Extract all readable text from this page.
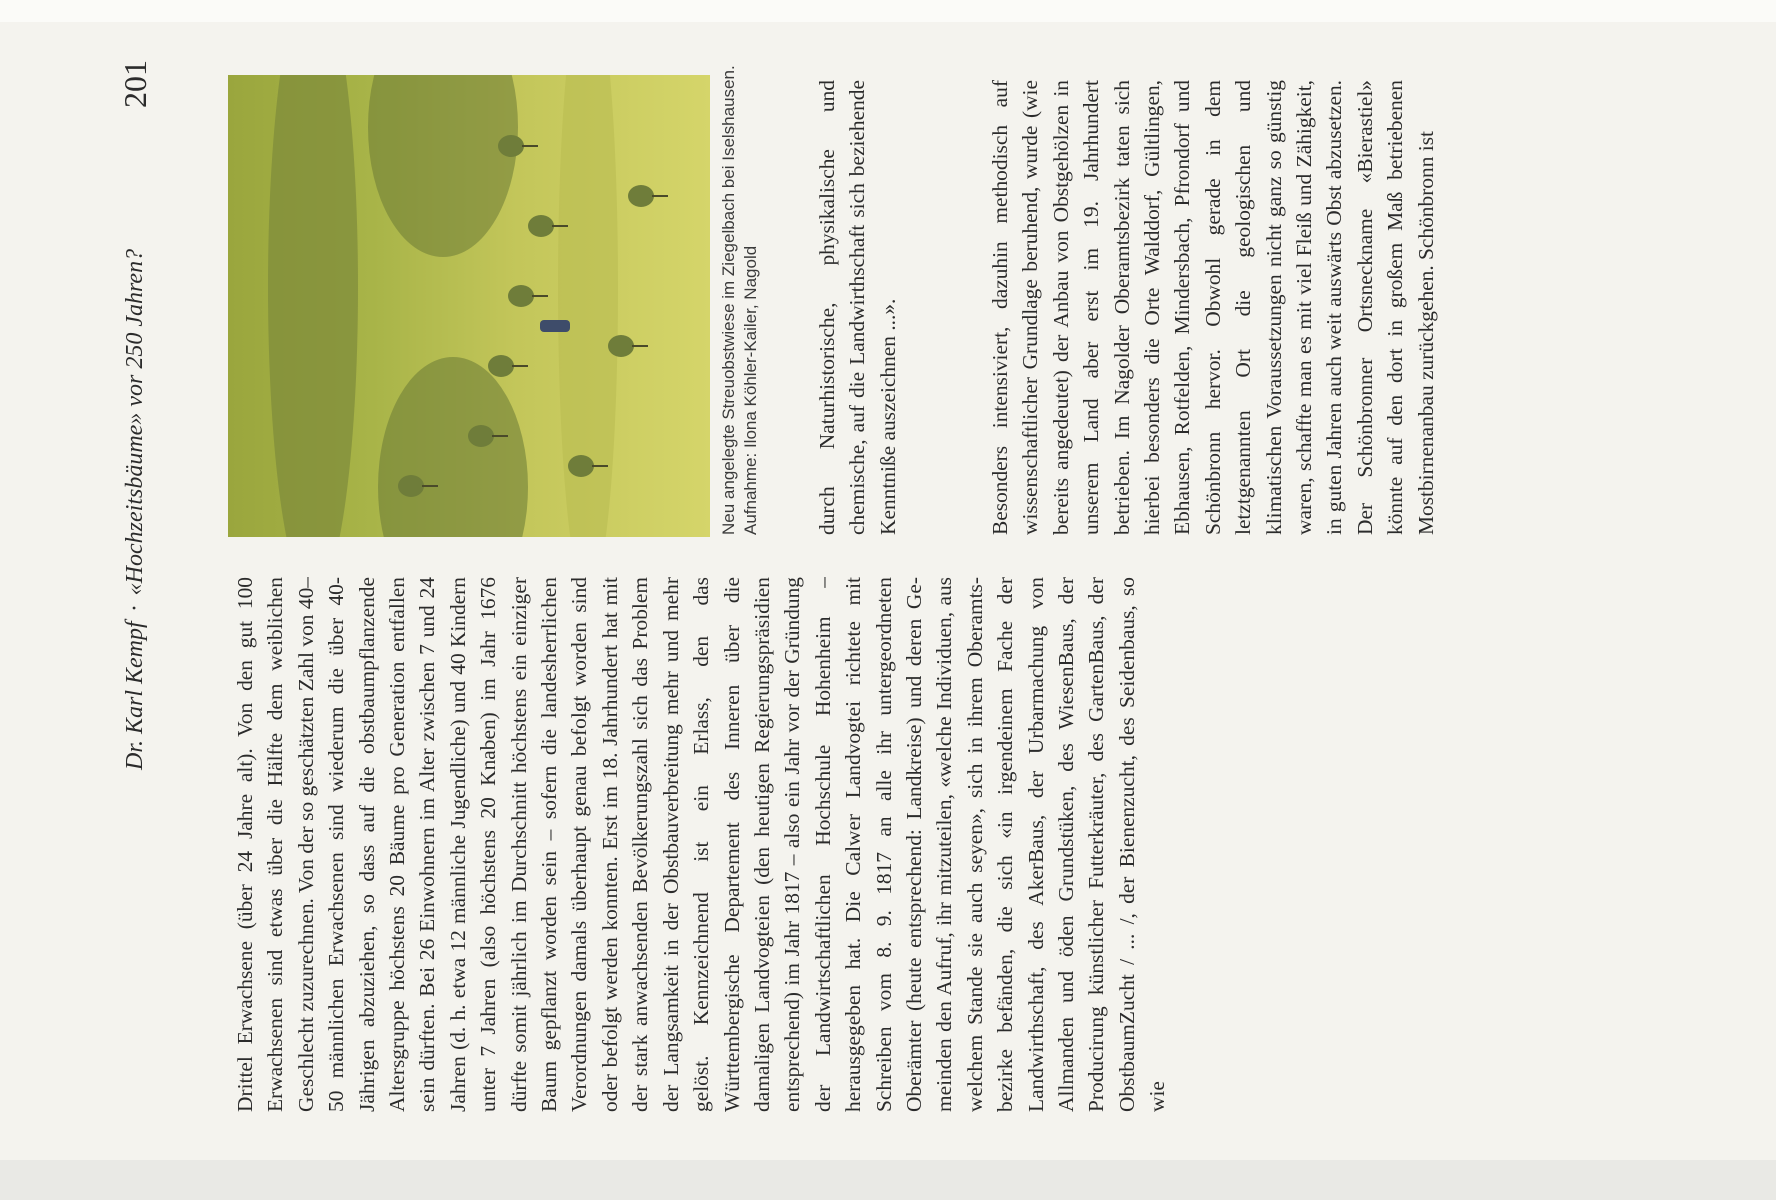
Dr. Karl Kempf
·
«Hochzeitsbäume» vor 250 Jahren?
201

Drittel Erwachsene (über 24 Jahre alt). Von den gut 100 Erwachsenen sind etwas über die Hälfte dem weiblichen Geschlecht zuzurechnen. Von der so geschätzten Zahl von 40–50 männlichen Erwachsenen sind wiederum die über 40-Jährigen abzuziehen, so dass auf die obstbaumpflanzende Altersgruppe höchstens 20 Bäume pro Generation entfallen sein dürften. Bei 26 Einwohnern im Alter zwischen 7 und 24 Jahren (d. h. etwa 12 männliche Jugendliche) und 40 Kindern unter 7 Jahren (also höchstens 20 Knaben) im Jahr 1676 dürfte somit jährlich im Durchschnitt höchstens ein einziger Baum gepflanzt worden sein – sofern die landesherrlichen Verordnungen damals überhaupt genau befolgt worden sind oder befolgt werden konnten. Erst im 18. Jahrhundert hat mit der stark anwachsenden Bevölkerungszahl sich das Problem der Langsamkeit in der Obstbauverbreitung mehr und mehr gelöst. Kennzeichnend ist ein Erlass, den das Württembergische Departement des Inneren über die damaligen Landvogteien (den heutigen Regierungspräsidien entsprechend) im Jahr 1817 – also ein Jahr vor der Gründung der Landwirtschaftlichen Hochschule Hohenheim – herausgegeben hat. Die Calwer Landvogtei richtete mit Schreiben vom 8. 9. 1817 an alle ihr untergeordneten Oberämter (heute entsprechend: Landkreise) und deren Gemeinden den Aufruf, ihr mitzuteilen, «welche Individuen, aus welchem Stande sie auch seyen», sich in ihrem Oberamtsbezirke befänden, die sich «in irgendeinem Fache der Landwirthschaft, des AkerBaus, der Urbarmachung von Allmanden und öden Grundstüken, des WiesenBaus, der Producirung künstlicher Futterkräuter, des GartenBaus, der ObstbaumZucht / ... /, der Bienenzucht, des Seidenbaus, so wie

Neu angelegte Streuobstwiese im Ziegelbach bei Iselshausen. Aufnahme: Ilona Köhler-Kailer, Nagold	durch Naturhistorische, physikalische und chemische, auf die Landwirthschaft sich beziehende Kenntniße auszeichnen ...».	Besonders intensiviert, dazuhin methodisch auf wissenschaftlicher Grundlage beruhend, wurde (wie bereits angedeutet) der Anbau von Obstgehölzen in unserem Land aber erst im 19. Jahrhundert betrieben. Im Nagolder Oberamtsbezirk taten sich hierbei besonders die Orte Walddorf, Gültlingen, Ebhausen, Rotfelden, Mindersbach, Pfrondorf und Schönbronn hervor. Obwohl gerade in dem letztgenannten Ort die geologischen und klimatischen Voraussetzungen nicht ganz so günstig waren, schaffte man es mit viel Fleiß und Zähigkeit, in guten Jahren auch weit auswärts Obst abzusetzen. Der Schönbronner Ortsneckname «Bierastiel» könnte auf den dort in großem Maß betriebenen Mostbirnenanbau zurückgehen. Schönbronn ist
